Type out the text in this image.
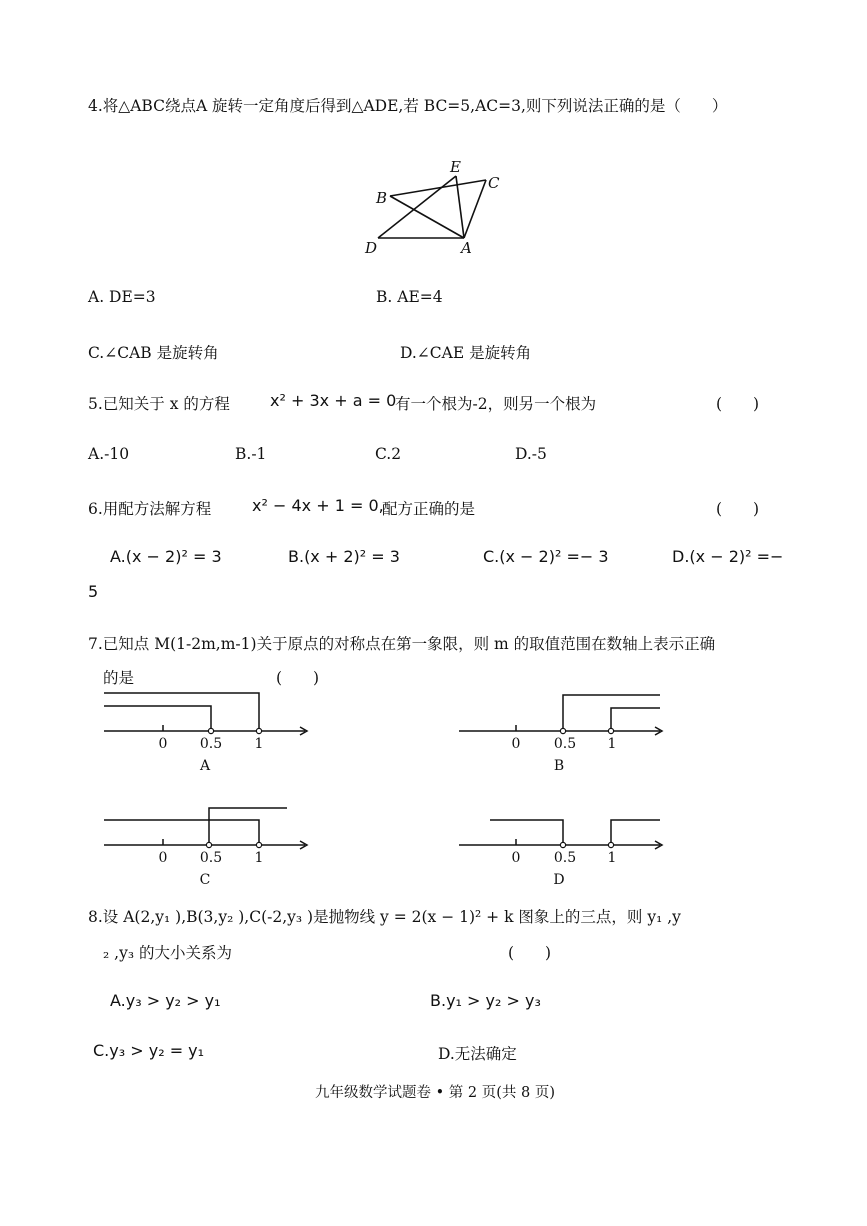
4.将△ABC绕点A 旋转一定角度后得到△ADE,若 BC=5,AC=3,则下列说法正确的是（　　）
B
C
D
E
A
0 0.5 1
A
0 0.5 1
B
0 0.5 1
C
0 0.5 1
D
A. DE=3	B. AE=4
C.∠CAB 是旋转角	D.∠CAE 是旋转角
5.已知关于 x 的方程	x² + 3x + a = 0
有一个根为-2，则另一个根为	(　　)
A.-10	B.-1	C.2	D.-5
6.用配方法解方程	x² − 4x + 1 = 0,
配方正确的是	(　　)
A.(x − 2)² = 3	B.(x + 2)² = 3	C.(x − 2)² =− 3	D.(x − 2)² =−
5
7.已知点 M(1-2m,m-1)关于原点的对称点在第一象限，则 m 的取值范围在数轴上表示正确
的是	(　　)
8.设 A(2,y₁ ),B(3,y₂ ),C(-2,y₃ )是抛物线 y = 2(x − 1)² + k 图象上的三点，则 y₁ ,y
₂ ,y₃ 的大小关系为	(　　)
A.y₃ > y₂ > y₁	B.y₁ > y₂ > y₃
C.y₃ > y₂ = y₁	D.无法确定
九年级数学试题卷 • 第 2 页(共 8 页)
